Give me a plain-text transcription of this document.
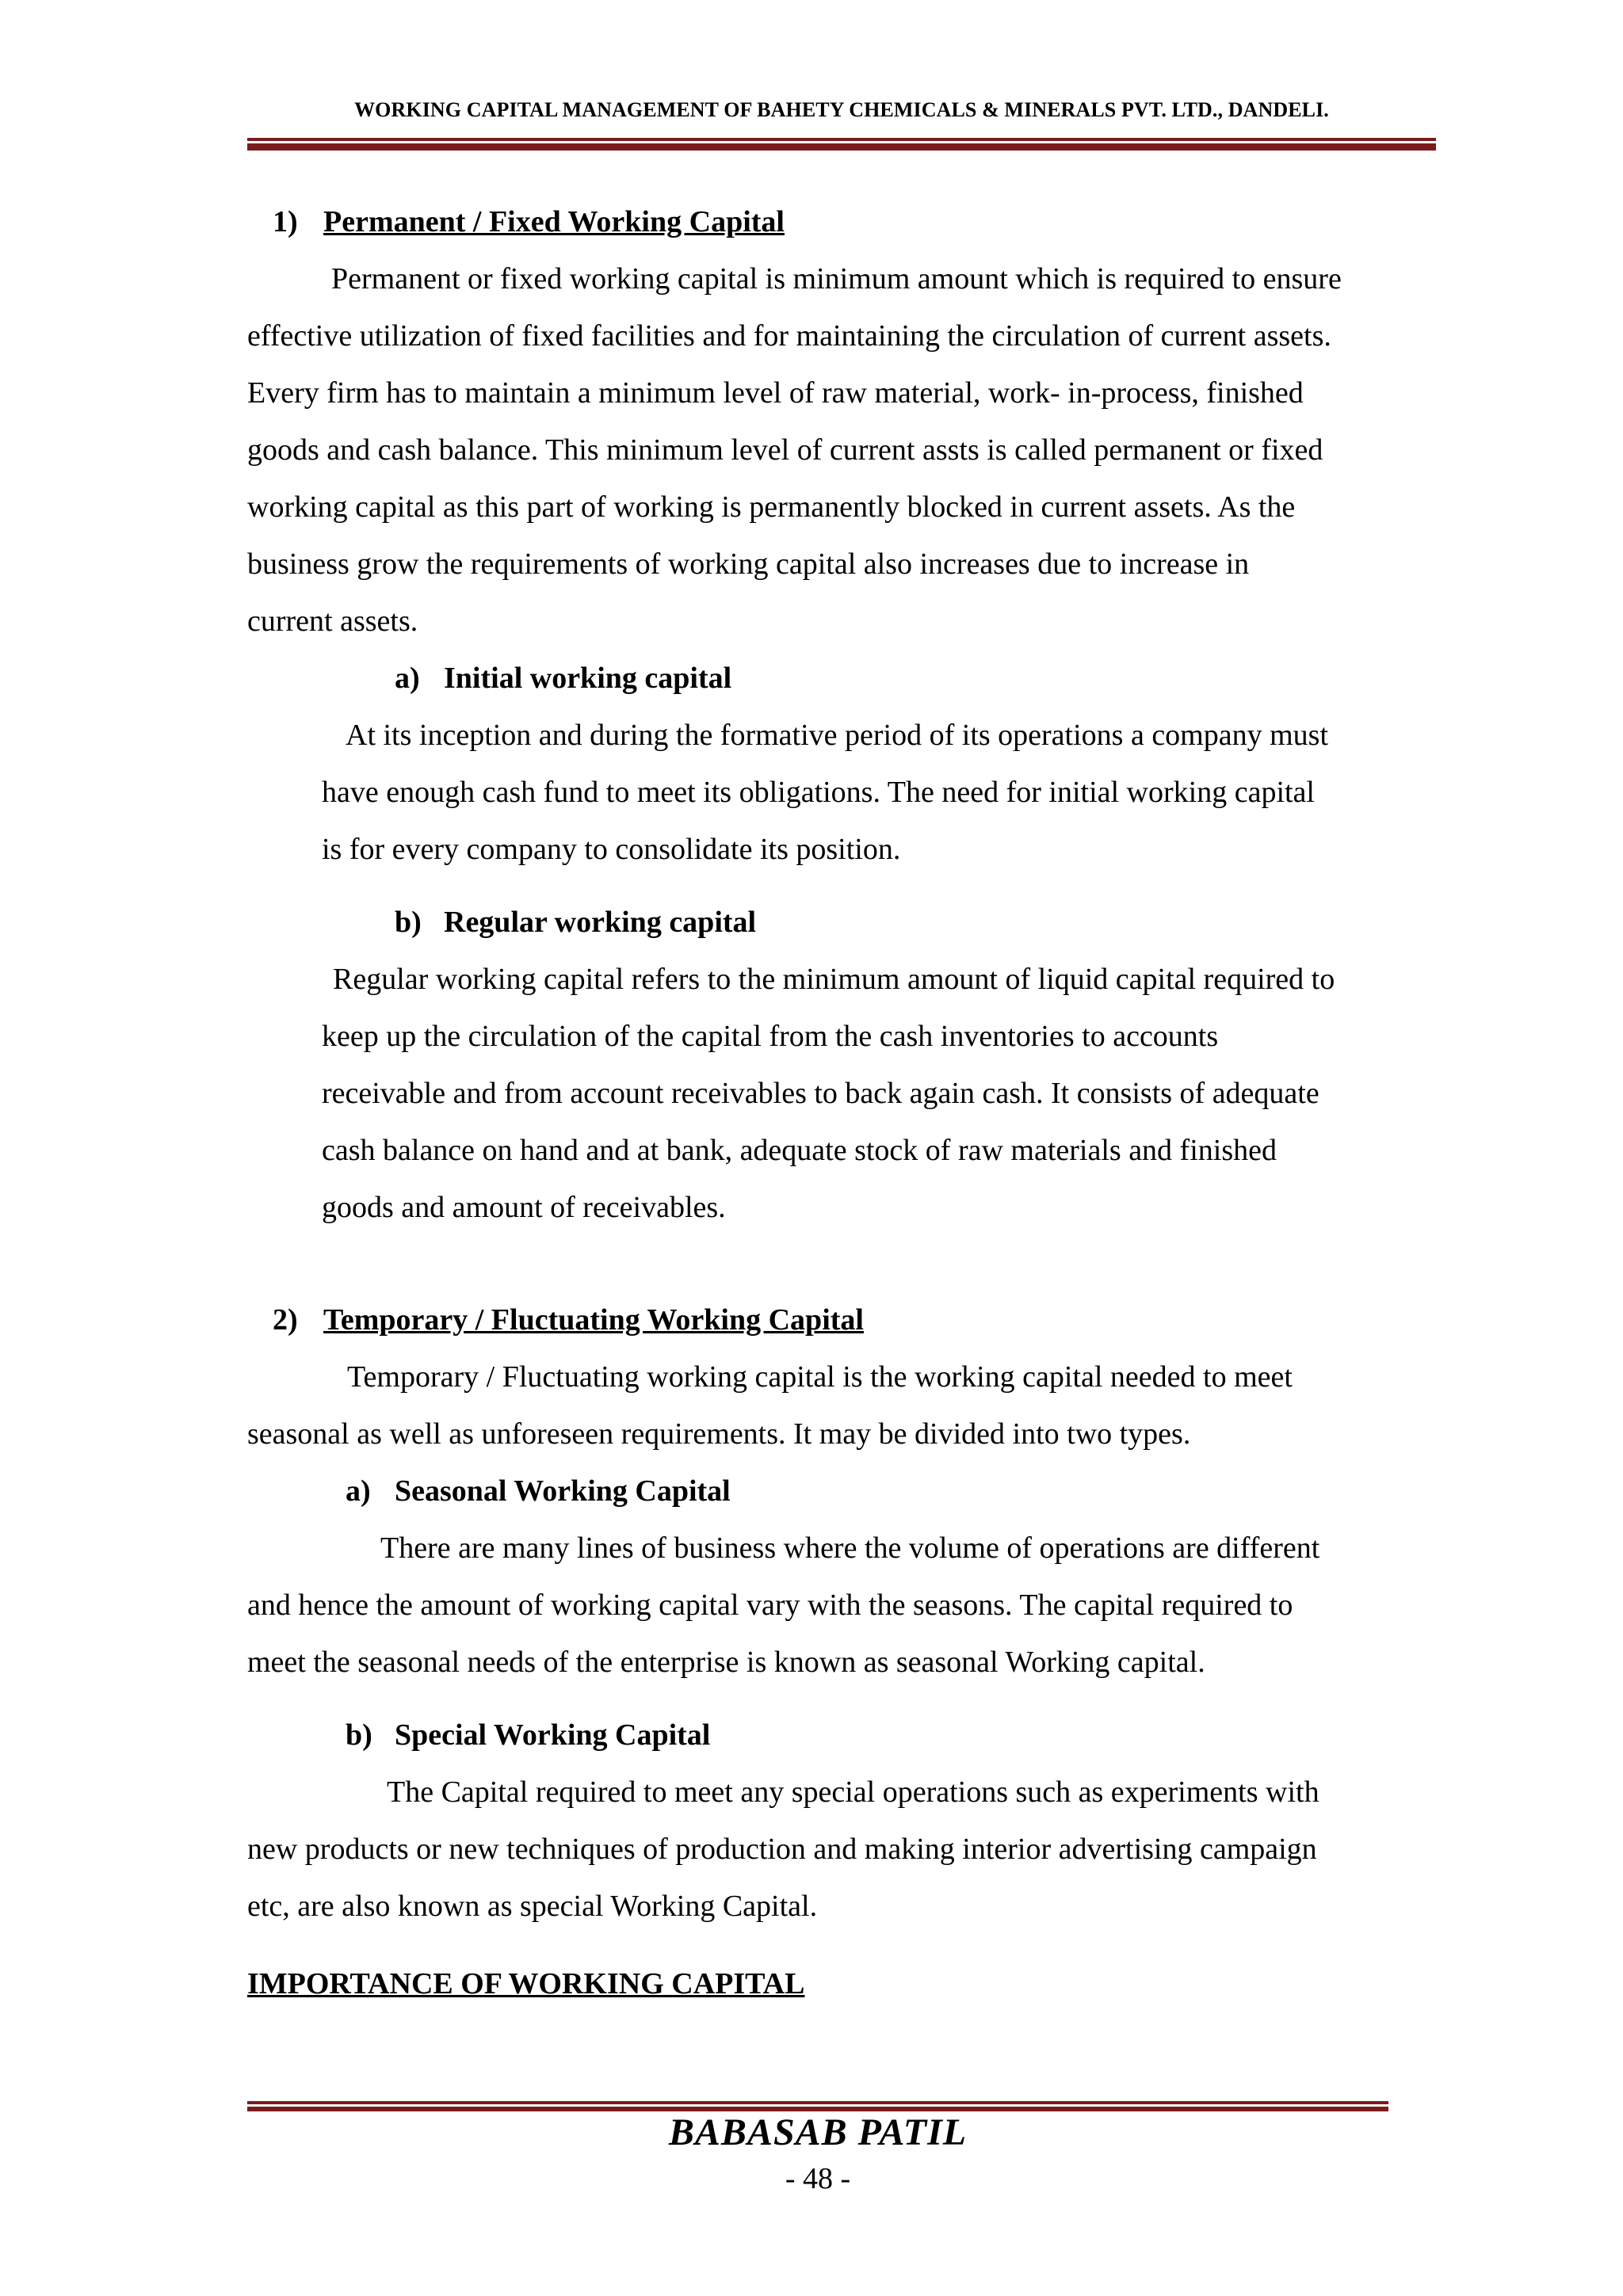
WORKING CAPITAL MANAGEMENT OF BAHETY CHEMICALS & MINERALS PVT. LTD., DANDELI.

1) Permanent / Fixed Working Capital

Permanent or fixed working capital is minimum amount which is required to ensure

effective utilization of fixed facilities and for maintaining the circulation of current assets.

Every firm has to maintain a minimum level of raw material, work- in-process, finished

goods and cash balance. This minimum level of current assts is called permanent or fixed

working capital as this part of working is permanently blocked in current assets. As the

business grow the requirements of working capital also increases due to increase in

current assets.

a) Initial working capital

At its inception and during the formative period of its operations a company must

have enough cash fund to meet its obligations. The need for initial working capital

is for every company to consolidate its position.

b) Regular working capital

Regular working capital refers to the minimum amount of liquid capital required to

keep up the circulation of the capital from the cash inventories to accounts

receivable and from account receivables to back again cash. It consists of adequate

cash balance on hand and at bank, adequate stock of raw materials and finished

goods and amount of receivables.

2) Temporary / Fluctuating Working Capital

Temporary / Fluctuating working capital is the working capital needed to meet

seasonal as well as unforeseen requirements. It may be divided into two types.

a) Seasonal Working Capital

There are many lines of business where the volume of operations are different

and hence the amount of working capital vary with the seasons. The capital required to

meet the seasonal needs of the enterprise is known as seasonal Working capital.

b) Special Working Capital

The Capital required to meet any special operations such as experiments with

new products or new techniques of production and making interior advertising campaign

etc, are also known as special Working Capital.

IMPORTANCE OF WORKING CAPITAL

BABASAB PATIL
- 48 -
